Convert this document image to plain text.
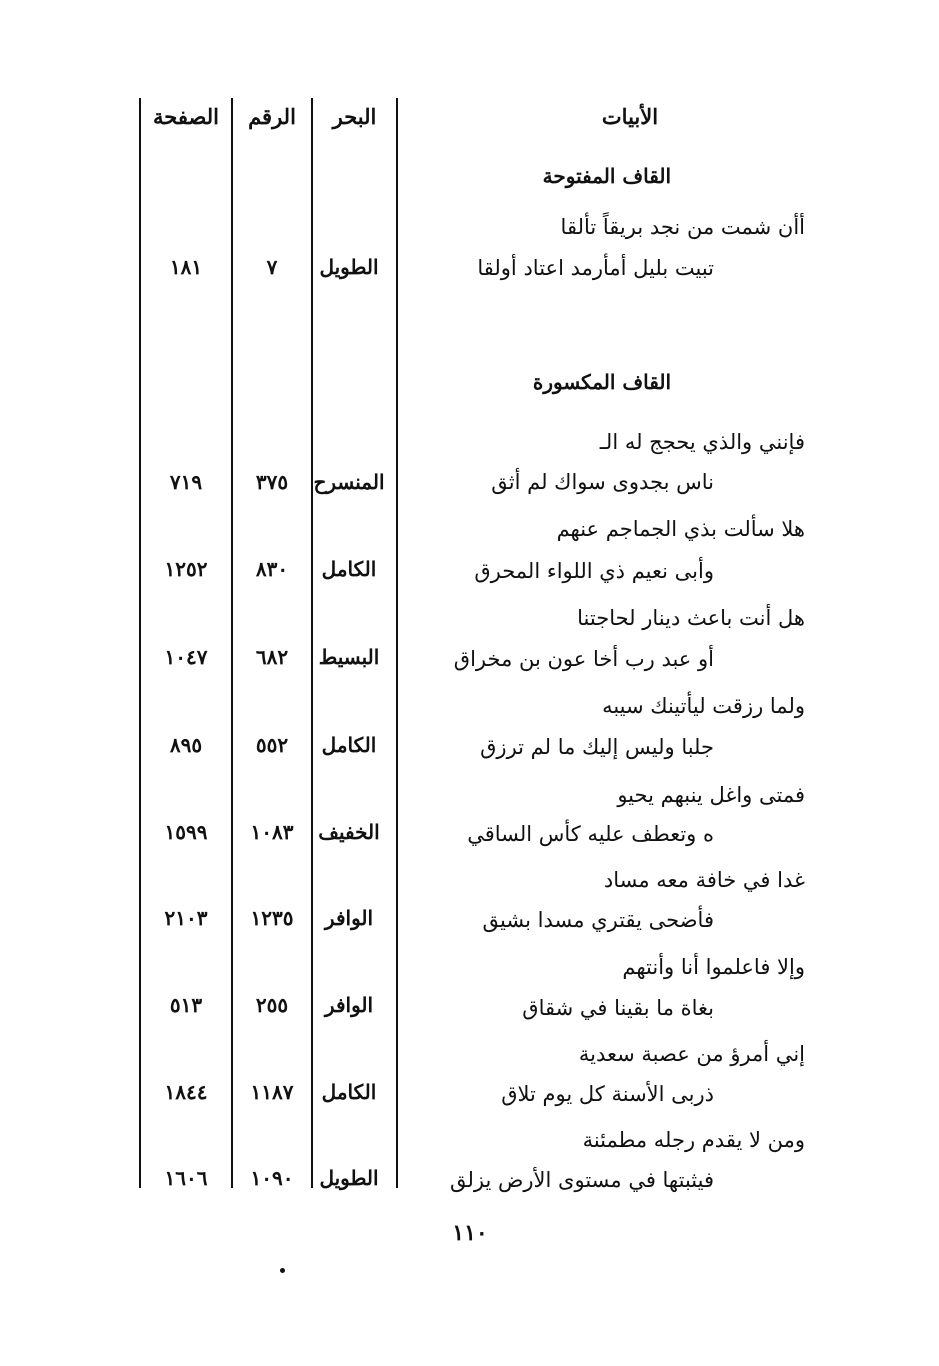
الأبيات
البحر
الرقم
الصفحة
القاف المفتوحة
أأن شمت من نجد بريقاً تألقا
تبيت بليل أمأرمد اعتاد أولقا
الطويل
٧
١٨١
القاف المكسورة
فإنني والذي يحجج له الـ
ناس بجدوى سواك لم أثق
المنسرح
٣٧٥
٧١٩
هلا سألت بذي الجماجم عنهم
وأبى نعيم ذي اللواء المحرق
الكامل
٨٣٠
١٢٥٢
هل أنت باعث دينار لحاجتنا
أو عبد رب أخا عون بن مخراق
البسيط
٦٨٢
١٠٤٧
ولما رزقت ليأتينك سيبه
جلبا وليس إليك ما لم ترزق
الكامل
٥٥٢
٨٩٥
فمتى واغل ينبهم يحيو
ه وتعطف عليه كأس الساقي
الخفيف
١٠٨٣
١٥٩٩
غدا في خافة معه مساد
فأضحى يقتري مسدا بشيق
الوافر
١٢٣٥
٢١٠٣
وإلا فاعلموا أنا وأنتهم
بغاة ما بقينا في شقاق
الوافر
٢٥٥
٥١٣
إني أمرؤ من عصبة سعدية
ذربى الأسنة كل يوم تلاق
الكامل
١١٨٧
١٨٤٤
ومن لا يقدم رجله مطمئنة
فيثبتها في مستوى الأرض يزلق
الطويل
١٠٩٠
١٦٠٦
١١٠
